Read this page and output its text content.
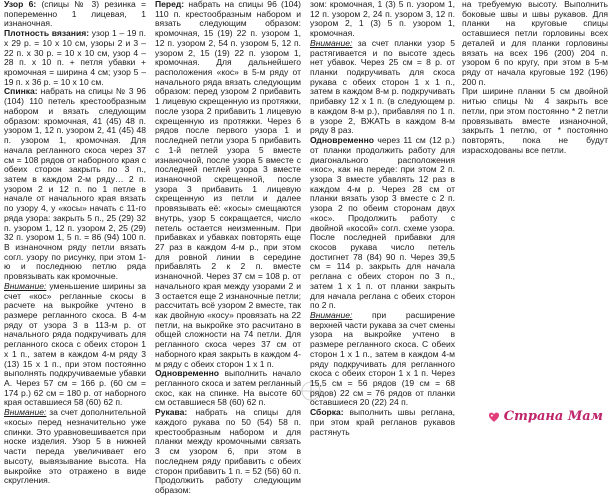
Узор 6: (спицы № 3) резинка = попеременно 1 лицевая, 1 изнаночная.

Плотность вязания: узор 1 – 19 п. x 29 р. = 10 x 10 см, узоры 2 и 3 – 22 п. x 30 р. = 10 x 10 см, узор 4 – 28 п. x 10 п. + петля убавки + кромочная = ширина 4 см; узор 5 – 19 п. x 36 р. = 10 x 10 см.

Спинка: набрать на спицы № 3 96 (104) 110 петель крестообразным набором и вязать следующим образом: кромочная, 41 (45) 48 п. узором 1, 12 п. узором 2, 41 (45) 48 п. узором 1, кромочная. Для начала регланного скоса через 37 см = 108 рядов от наборного края с обеих сторон закрыть по 3 п., затем в каждом 2-м ряду… 2 п. узором 2 и 12 п. по 1 петле в начале от начального края вязать по узору 4, у «косы» начать с 11-го ряда узора: закрыть 5 п., 25 (29) 32 п. узором 1, 12 п. узором 2, 25 (29) 32 п. узором 1, 5 п. = 86 (94) 100 п. В изнаночном ряду петли вязать согл. узору по рисунку, при этом 1-ю и последнюю петлю ряда провязывать как кромочные.

Внимание: уменьшение ширины за счет «кос» регланные скосы в расчете на выкройке учтено в размере регланного скоса. В 4-м ряду от узора 3 в 113-м р. от начального ряда подкручивать для регланного скоса с обеих сторон 1 x 1 п., затем в каждом 4-м ряду 3 (13) 15 x 1 п., при этом постоянно выполнять подкручиваемые убавки А. Через 57 см = 166 р. (60 см = 174 р.) 62 см = 180 р. от наборного края оставшиеся 58 (60) 62 п.

Внимание: за счет дополнительной «косы» перед незначительно уже спинки. Это уравновешивается при носке изделия. Узор 5 в нижней части переда увеличивает его высоту, вывязывание высота. На выкройке это отражено в виде скругления.

Перед: набрать на спицы 96 (104) 110 п. крестообразным набором и вязать следующим образом: кромочная, 15 (19) 22 п. узором 1, 12 п. узором 2, 54 п. узором 5, 12 п. узором 2, 15 (19) 22 п. узором 1, кромочная. Для дальнейшего расположения «кос» в 5-м ряду от начального ряда вязать следующим образом: перед узором 2 прибавить 1 лицевую скрещенную из протяжки, после узора 2 прибавить 1 лицевую скрещенную из протяжки. Через 6 рядов после первого узора 1 и последней петли узора 5 прибавить с 1-й петлей узора 5 вместе изнаночной, после узора 5 вместе с последней петлей узора 3 вместе изнаночной скрещенной, после узора 3 прибавить 1 лицевую скрещенную из петли и далее провязывать её: «косы» смещаются внутрь, узор 5 сокращается, число петель остается неизменным. При прибавках и убавках повторять еще 27 раз в каждом 4-м р., при этом для ровной линии в середине прибавлять 2 к 2 п. вместе изнаночной. Через 37 см = 108 р. от начального края между узорами 2 и 3 остается еще 2 изнаночные петли; рассчитать всё узором 2 вместе, так как двойную «косу» провязать на 22 петли, на выкройке это расчитано в общей сложности на 74 петли. Для регланного скоса через 37 см от наборного края закрыть в каждом 4-м ряду с обеих сторон 1 x 1 п.

Одновременно выполнить начало регланного скоса и затем регланный скос, как на спинке. На высоте 60 см оставшиеся 58 (60) 62 п.

Рукава: набрать на спицы для каждого рукава по 50 (54) 58 п. крестообразным набором и для планки между кромочными связать 3 см узором 6, при этом в последнем ряду прибавить с обеих сторон прибавить 1 п. = 52 (56) 60 п. Продолжить работу следующим образом:

зом: кромочная, 1 (3) 5 п. узором 1, 12 п. узором 2, 24 п. узором 3, 12 п. узором 2, 1 (3) 5 п. узором 1, кромочная.

Внимание: за счет планки узор 5 растягивается и по высоте здесь нет убавок. Через 25 см = 8 р. от планки подкручивать для скоса рукава с обеих сторон 1 x 1 п., затем в каждом 8-м р. подкручивать прибавку 12 x 1 п. (в следующем р. в каждом 8-м р.), прибавляя по 1 п. в узоре 2, ВЖАТЬ в каждом 8-м ряду 8 раз.

Одновременно через 11 см (12 р.) от планки продолжить работу для диагонального расположения «кос», как на переде: при этом 2 п. узора 3 вместе убавлять 12 раз в каждом 4-м р. Через 28 см от планки вязать узор 3 вместе с 2 п. узора 2 по обеим сторонам двух «кос». Продолжить работу с двойной «косой» согл. схеме узора. После последней прибавки для скосов рукава число петель достигнет 78 (84) 90 п. Через 39,5 см = 114 р. закрыть для начала реглана с обеих сторон по 3 п., затем 1 x 1 п. от планки закрыть для начала реглана с обеих сторон по 2 п.

Внимание: при расширение верхней части рукава за счет смены узора на выкройке учтено в размере регланного скоса. С обеих сторон 1 x 1 п., затем в каждом 4-м ряду подкручивать для регланного скоса с обеих сторон 1 x 1 п. Через 15,5 см = 56 рядов (19 см = 68 рядов) 22 см = 76 рядов от планки оставшиеся 20 (22) 24 п.

Сборка: выполнить швы реглана, при этом край регланов рукавов растянуть

на требуемую высоту. Выполнить боковые швы и швы рукавов. Для планки на круговые спицы оставшиеся петли горловины всех деталей и для планки горловины вязать на всех 196 (200) 204 п. узором 6 по кругу, при этом в 5-м ряду от начала круговые 192 (196) 200 п.

При ширине планки 5 см двойной нитью спицы № 4 закрыть все петли, при этом постоянно * 2 петли провязывать вместе изнаночной, закрыть 1 петлю, от * постоянно повторять, пока не будут израсходованы все петли.

Страна Мам
